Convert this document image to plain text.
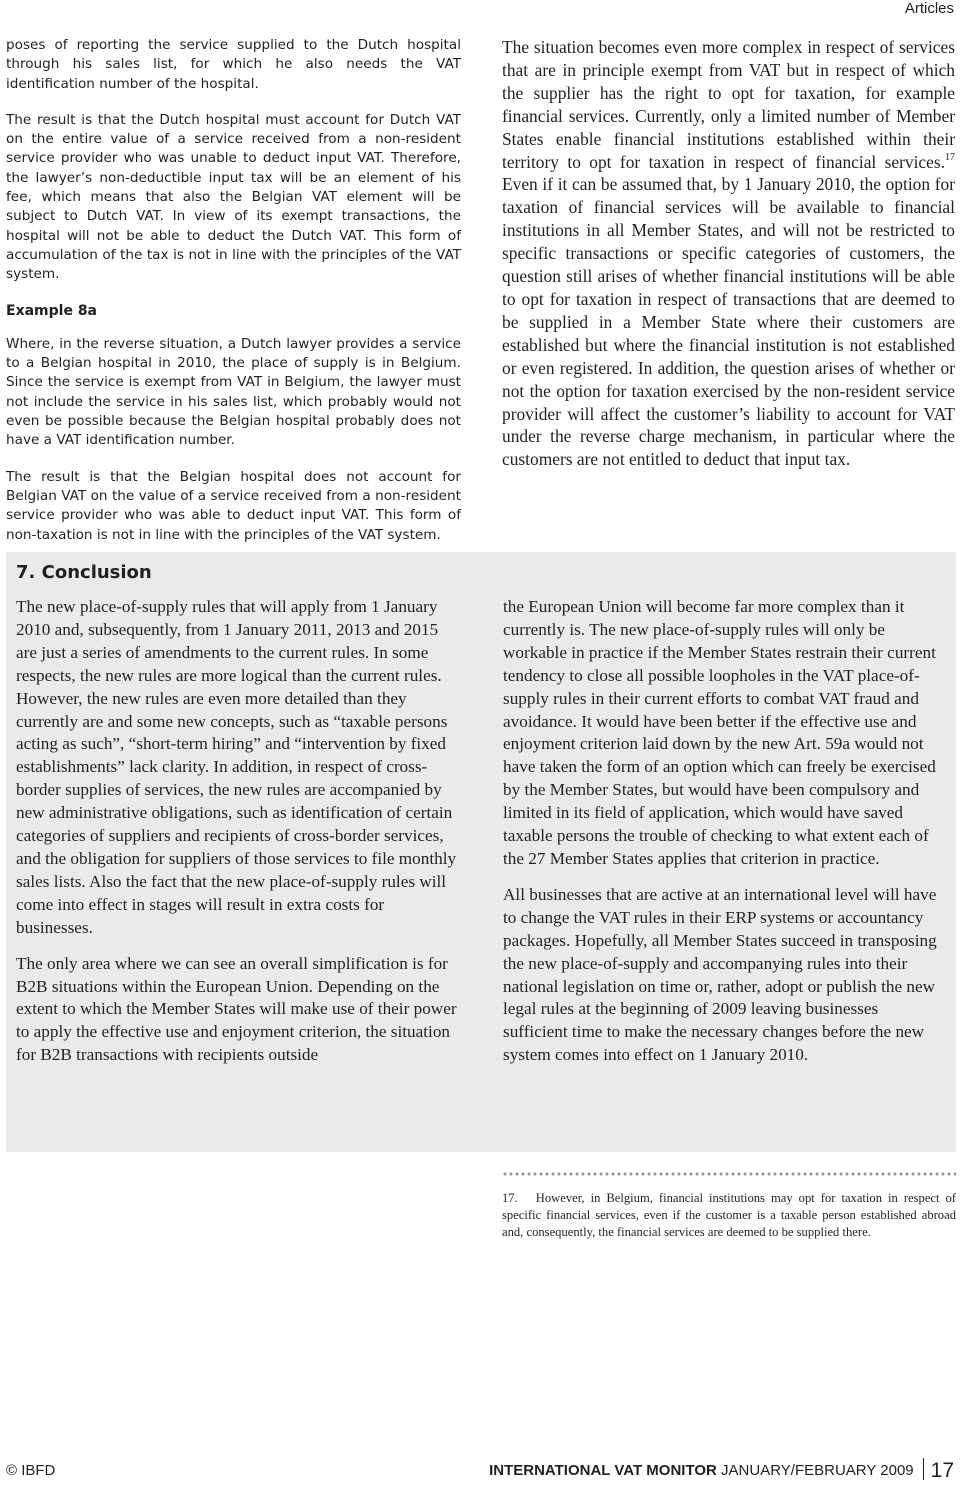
Articles

poses of reporting the service supplied to the Dutch hospital through his sales list, for which he also needs the VAT identification number of the hospital.

The result is that the Dutch hospital must account for Dutch VAT on the entire value of a service received from a non-resident service provider who was unable to deduct input VAT. Therefore, the lawyer’s non-deductible input tax will be an element of his fee, which means that also the Belgian VAT element will be subject to Dutch VAT. In view of its exempt transactions, the hospital will not be able to deduct the Dutch VAT. This form of accumulation of the tax is not in line with the principles of the VAT system.

Example 8a

Where, in the reverse situation, a Dutch lawyer provides a service to a Belgian hospital in 2010, the place of supply is in Belgium. Since the service is exempt from VAT in Belgium, the lawyer must not include the service in his sales list, which probably would not even be possible because the Belgian hospital probably does not have a VAT identification number.

The result is that the Belgian hospital does not account for Belgian VAT on the value of a service received from a non-resident service provider who was able to deduct input VAT. This form of non-taxation is not in line with the principles of the VAT system.

The situation becomes even more complex in respect of services that are in principle exempt from VAT but in respect of which the supplier has the right to opt for taxation, for example financial services. Currently, only a limited number of Member States enable financial institutions established within their territory to opt for taxation in respect of financial services.$^{17}$ Even if it can be assumed that, by 1 January 2010, the option for taxation of financial services will be available to financial institutions in all Member States, and will not be restricted to specific transactions or specific categories of customers, the question still arises of whether financial institutions will be able to opt for taxation in respect of transactions that are deemed to be supplied in a Member State where their customers are established but where the financial institution is not established or even registered. In addition, the question arises of whether or not the option for taxation exercised by the non-resident service provider will affect the customer’s liability to account for VAT under the reverse charge mechanism, in particular where the customers are not entitled to deduct that input tax.

7. Conclusion

The new place-of-supply rules that will apply from 1 January 2010 and, subsequently, from 1 January 2011, 2013 and 2015 are just a series of amendments to the current rules. In some respects, the new rules are more logical than the current rules. However, the new rules are even more detailed than they currently are and some new concepts, such as “taxable persons acting as such”, “short-term hiring” and “intervention by fixed establishments” lack clarity. In addition, in respect of cross-border supplies of services, the new rules are accompanied by new administrative obligations, such as identification of certain categories of suppliers and recipients of cross-border services, and the obligation for suppliers of those services to file monthly sales lists. Also the fact that the new place-of-supply rules will come into effect in stages will result in extra costs for businesses.

The only area where we can see an overall simplification is for B2B situations within the European Union. Depending on the extent to which the Member States will make use of their power to apply the effective use and enjoyment criterion, the situation for B2B transactions with recipients outside

the European Union will become far more complex than it currently is. The new place-of-supply rules will only be workable in practice if the Member States restrain their current tendency to close all possible loopholes in the VAT place-of-supply rules in their current efforts to combat VAT fraud and avoidance. It would have been better if the effective use and enjoyment criterion laid down by the new Art. 59a would not have taken the form of an option which can freely be exercised by the Member States, but would have been compulsory and limited in its field of application, which would have saved taxable persons the trouble of checking to what extent each of the 27 Member States applies that criterion in practice.

All businesses that are active at an international level will have to change the VAT rules in their ERP systems or accountancy packages. Hopefully, all Member States succeed in transposing the new place-of-supply and accompanying rules into their national legislation on time or, rather, adopt or publish the new legal rules at the beginning of 2009 leaving businesses sufficient time to make the necessary changes before the new system comes into effect on 1 January 2010.

17.   However, in Belgium, financial institutions may opt for taxation in respect of specific financial services, even if the customer is a taxable person established abroad and, consequently, the financial services are deemed to be supplied there.

© IBFD	INTERNATIONAL VAT MONITOR JANUARY/FEBRUARY 2009 17
